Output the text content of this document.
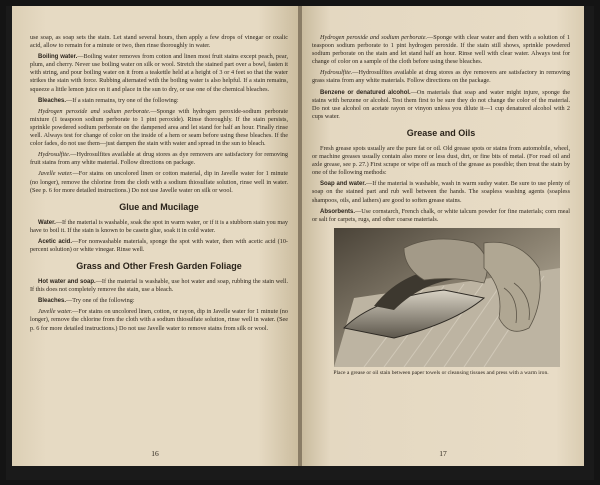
use soap, as soap sets the stain. Let stand several hours, then apply a few drops of vinegar or oxalic acid, allow to remain for a minute or two, then rinse thoroughly in water.

Boiling water.—Boiling water removes from cotton and linen most fruit stains except peach, pear, plum, and cherry. Never use boiling water on silk or wool. Stretch the stained part over a bowl, fasten it with string, and pour boiling water on it from a teakettle held at a height of 3 or 4 feet so that the water strikes the stain with force. Rubbing alternated with the boiling water is also helpful. If a stain remains, squeeze a little lemon juice on it and place in the sun to dry, or use one of the chemical bleaches.

Bleaches.—If a stain remains, try one of the following:

Hydrogen peroxide and sodium perborate.—Sponge with hydrogen peroxide-sodium perborate mixture (1 teaspoon sodium perborate to 1 pint peroxide). Rinse thoroughly. If the stain persists, sprinkle powdered sodium perborate on the dampened area and let stand for half an hour. Finally rinse well. Always test for change of color on the inside of a hem or seam before using these bleaches. If the color fades, do not use them—just dampen the stain with water and spread in the sun to bleach.

Hydrosulfite.—Hydrosulfites available at drug stores as dye removers are satisfactory for removing fruit stains from any white material. Follow directions on package.

Javelle water.—For stains on uncolored linen or cotton material, dip in Javelle water for 1 minute (no longer), remove the chlorine from the cloth with a sodium thiosulfate solution, rinse well in water. (See p. 6 for more detailed instructions.) Do not use Javelle water on silk or wool.

Glue and Mucilage

Water.—If the material is washable, soak the spot in warm water, or if it is a stubborn stain you may have to boil it. If the stain is known to be casein glue, soak it in cold water.

Acetic acid.—For nonwashable materials, sponge the spot with water, then with acetic acid (10-percent solution) or white vinegar. Rinse well.

Grass and Other Fresh Garden Foliage

Hot water and soap.—If the material is washable, use hot water and soap, rubbing the stain well. If this does not completely remove the stain, use a bleach.

Bleaches.—Try one of the following:

Javelle water.—For stains on uncolored linen, cotton, or rayon, dip in Javelle water for 1 minute (no longer), remove the chlorine from the cloth with a sodium thiosulfate solution, rinse well in water. (See p. 6 for more detailed instructions.) Do not use Javelle water to remove stains from silk or wool.

16

Hydrogen peroxide and sodium perborate.—Sponge with clear water and then with a solution of 1 teaspoon sodium perborate to 1 pint hydrogen peroxide. If the stain still shows, sprinkle powdered sodium perborate on the stain and let stand half an hour. Rinse well with clear water. Always test for change of color on a sample of the cloth before using these bleaches.

Hydrosulfite.—Hydrosulfites available at drug stores as dye removers are satisfactory in removing grass stains from any white materials. Follow directions on the package.

Benzene or denatured alcohol.—On materials that soap and water might injure, sponge the stains with benzene or alcohol. Test them first to be sure they do not change the color of the material. Do not use alcohol on acetate rayon or vinyon unless you dilute it—1 cup denatured alcohol with 2 cups water.

Grease and Oils

Fresh grease spots usually are the pure fat or oil. Old grease spots or stains from automobile, wheel, or machine greases usually contain also more or less dust, dirt, or fine bits of metal. (For road oil and axle grease, see p. 27.) First scrape or wipe off as much of the grease as possible; then treat the stain by one of the following methods:

Soap and water.—If the material is washable, wash in warm sudsy water. Be sure to use plenty of soap on the stained part and rub well between the hands. The soapless washing agents (soapless shampoos, oils, and lathers) are good to soften grease stains.

Absorbents.—Use cornstarch, French chalk, or white talcum powder for fine materials; corn meal or salt for carpets, rugs, and other coarse materials.

Place a grease or oil stain between paper towels or cleansing tissues and press with a warm iron.

17
